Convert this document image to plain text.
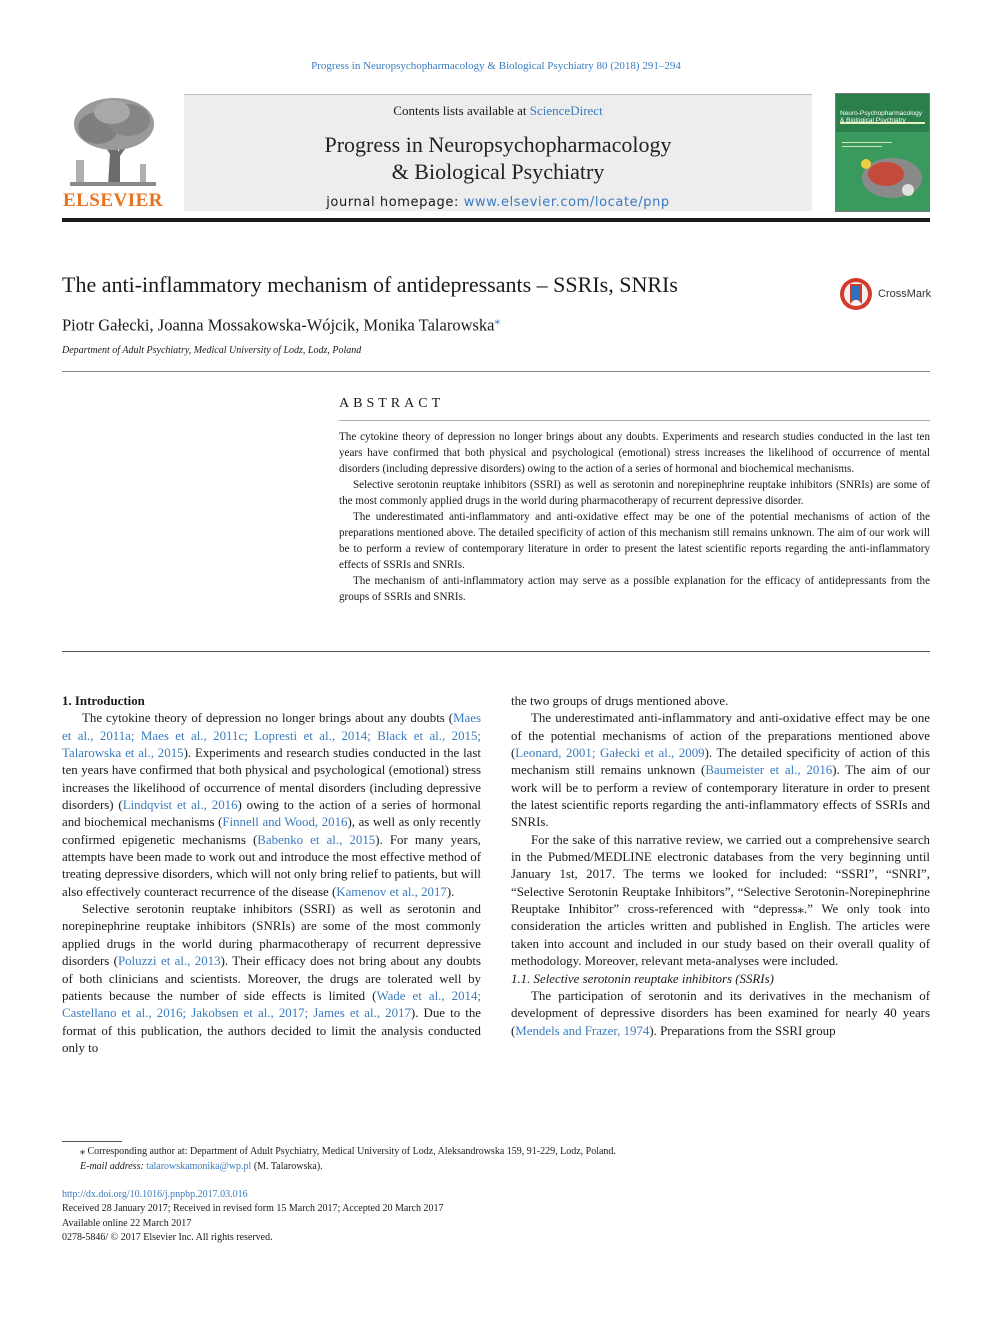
Progress in Neuropsychopharmacology & Biological Psychiatry 80 (2018) 291–294
ELSEVIER
Contents lists available at ScienceDirect
Progress in Neuropsychopharmacology
& Biological Psychiatry
journal homepage: www.elsevier.com/locate/pnp
Neuro-Psychopharmacology
& Biological Psychiatry
The anti-inflammatory mechanism of antidepressants – SSRIs, SNRIs	CrossMark
Piotr Gałecki, Joanna Mossakowska-Wójcik, Monika Talarowska⁎
Department of Adult Psychiatry, Medical University of Lodz, Lodz, Poland
ABSTRACT

The cytokine theory of depression no longer brings about any doubts. Experiments and research studies conducted in the last ten years have confirmed that both physical and psychological (emotional) stress increases the likelihood of occurrence of mental disorders (including depressive disorders) owing to the action of a series of hormonal and biochemical mechanisms.

Selective serotonin reuptake inhibitors (SSRI) as well as serotonin and norepinephrine reuptake inhibitors (SNRIs) are some of the most commonly applied drugs in the world during pharmacotherapy of recurrent depressive disorder.

The underestimated anti-inflammatory and anti-oxidative effect may be one of the potential mechanisms of action of the preparations mentioned above. The detailed specificity of action of this mechanism still remains unknown. The aim of our work will be to perform a review of contemporary literature in order to present the latest scientific reports regarding the anti-inflammatory effects of SSRIs and SNRIs.

The mechanism of anti-inflammatory action may serve as a possible explanation for the efficacy of antidepressants from the groups of SSRIs and SNRIs.

1. Introduction

The cytokine theory of depression no longer brings about any doubts (Maes et al., 2011a; Maes et al., 2011c; Lopresti et al., 2014; Black et al., 2015; Talarowska et al., 2015). Experiments and research studies conducted in the last ten years have confirmed that both physical and psychological (emotional) stress increases the likelihood of occurrence of mental disorders (including depressive disorders) (Lindqvist et al., 2016) owing to the action of a series of hormonal and biochemical mechanisms (Finnell and Wood, 2016), as well as only recently confirmed epigenetic mechanisms (Babenko et al., 2015). For many years, attempts have been made to work out and introduce the most effective method of treating depressive disorders, which will not only bring relief to patients, but will also effectively counteract recurrence of the disease (Kamenov et al., 2017).

Selective serotonin reuptake inhibitors (SSRI) as well as serotonin and norepinephrine reuptake inhibitors (SNRIs) are some of the most commonly applied drugs in the world during pharmacotherapy of recurrent depressive disorders (Poluzzi et al., 2013). Their efficacy does not bring about any doubts of both clinicians and scientists. Moreover, the drugs are tolerated well by patients because the number of side effects is limited (Wade et al., 2014; Castellano et al., 2016; Jakobsen et al., 2017; James et al., 2017). Due to the format of this publication, the authors decided to limit the analysis conducted only to

the two groups of drugs mentioned above.

The underestimated anti-inflammatory and anti-oxidative effect may be one of the potential mechanisms of action of the preparations mentioned above (Leonard, 2001; Gałecki et al., 2009). The detailed specificity of action of this mechanism still remains unknown (Baumeister et al., 2016). The aim of our work will be to perform a review of contemporary literature in order to present the latest scientific reports regarding the anti-inflammatory effects of SSRIs and SNRIs.

For the sake of this narrative review, we carried out a comprehensive search in the Pubmed/MEDLINE electronic databases from the very beginning until January 1st, 2017. The terms we looked for included: “SSRI”, “SNRI”, “Selective Serotonin Reuptake Inhibitors”, “Selective Serotonin-Norepinephrine Reuptake Inhibitor” cross-referenced with “depress⁎.” We only took into consideration the articles written and published in English. The articles were taken into account and included in our study based on their overall quality of methodology. Moreover, relevant meta-analyses were included.

1.1. Selective serotonin reuptake inhibitors (SSRIs)

The participation of serotonin and its derivatives in the mechanism of development of depressive disorders has been examined for nearly 40 years (Mendels and Frazer, 1974). Preparations from the SSRI group

⁎ Corresponding author at: Department of Adult Psychiatry, Medical University of Lodz, Aleksandrowska 159, 91-229, Lodz, Poland.
E-mail address: talarowskamonika@wp.pl (M. Talarowska).
http://dx.doi.org/10.1016/j.pnpbp.2017.03.016
Received 28 January 2017; Received in revised form 15 March 2017; Accepted 20 March 2017
Available online 22 March 2017
0278-5846/ © 2017 Elsevier Inc. All rights reserved.
